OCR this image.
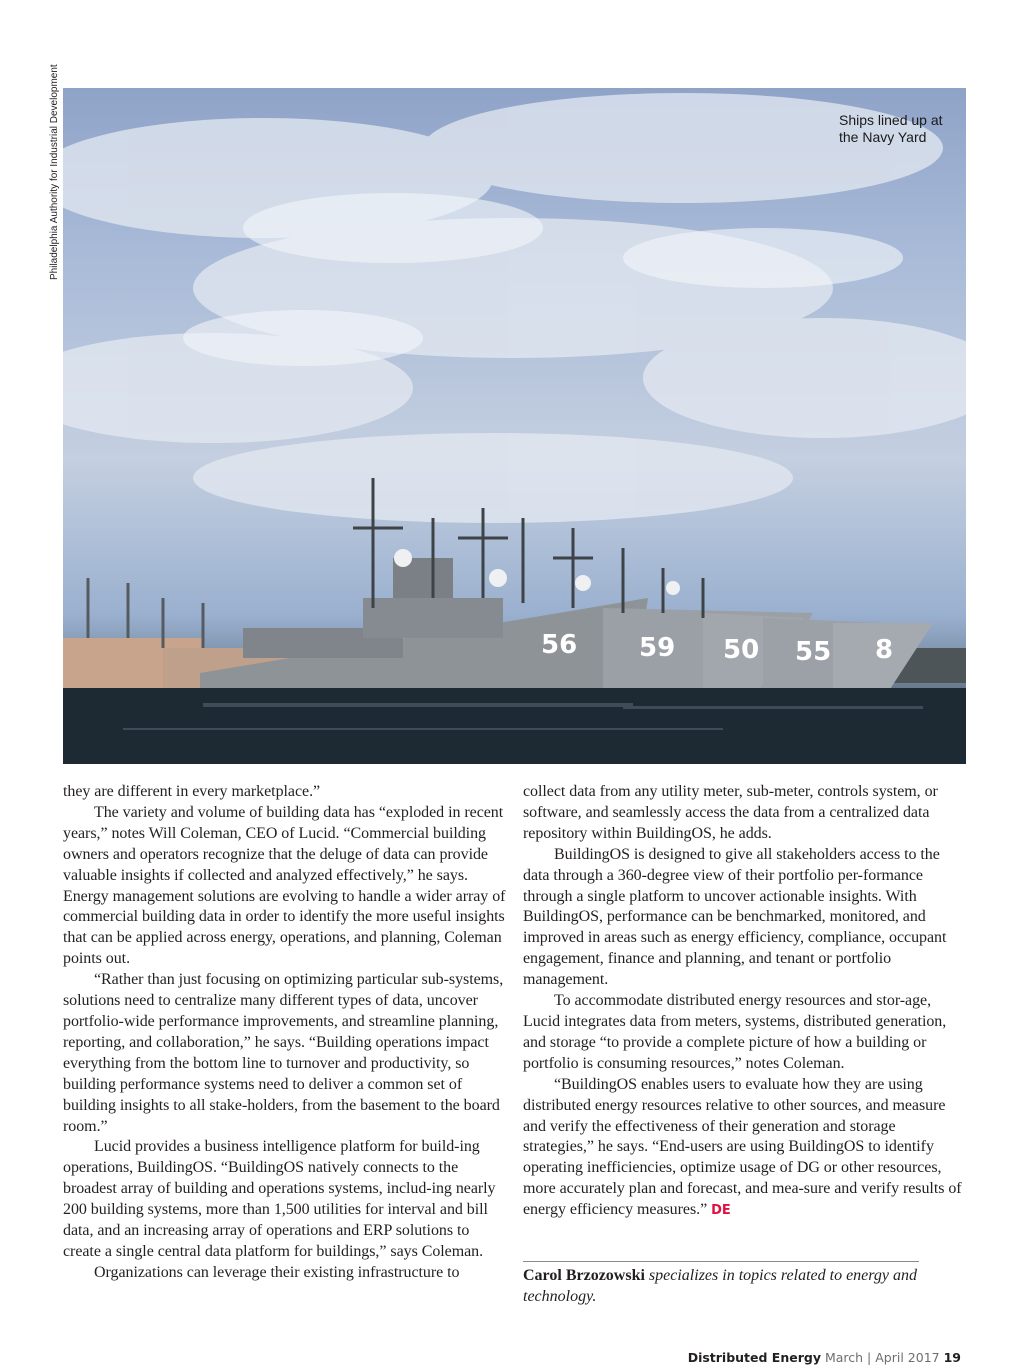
Philadelphia Authority for Industrial Development
56 59 50 55 8
Ships lined up at the Navy Yard

they are different in every marketplace.”

The variety and volume of building data has “exploded in recent years,” notes Will Coleman, CEO of Lucid. “Commercial building owners and operators recognize that the deluge of data can provide valuable insights if collected and analyzed effectively,” he says. Energy management solutions are evolving to handle a wider array of commercial building data in order to identify the more useful insights that can be applied across energy, operations, and planning, Coleman points out.

“Rather than just focusing on optimizing particular sub-systems, solutions need to centralize many different types of data, uncover portfolio-wide performance improvements, and streamline planning, reporting, and collaboration,” he says. “Building operations impact everything from the bottom line to turnover and productivity, so building performance systems need to deliver a common set of building insights to all stake-holders, from the basement to the board room.”

Lucid provides a business intelligence platform for build-ing operations, BuildingOS. “BuildingOS natively connects to the broadest array of building and operations systems, includ-ing nearly 200 building systems, more than 1,500 utilities for interval and bill data, and an increasing array of operations and ERP solutions to create a single central data platform for buildings,” says Coleman.

Organizations can leverage their existing infrastructure to

collect data from any utility meter, sub-meter, controls system, or software, and seamlessly access the data from a centralized data repository within BuildingOS, he adds.

BuildingOS is designed to give all stakeholders access to the data through a 360-degree view of their portfolio per-formance through a single platform to uncover actionable insights. With BuildingOS, performance can be benchmarked, monitored, and improved in areas such as energy efficiency, compliance, occupant engagement, finance and planning, and tenant or portfolio management.

To accommodate distributed energy resources and stor-age, Lucid integrates data from meters, systems, distributed generation, and storage “to provide a complete picture of how a building or portfolio is consuming resources,” notes Coleman.

“BuildingOS enables users to evaluate how they are using distributed energy resources relative to other sources, and measure and verify the effectiveness of their generation and storage strategies,” he says. “End-users are using BuildingOS to identify operating inefficiencies, optimize usage of DG or other resources, more accurately plan and forecast, and mea-sure and verify results of energy efficiency measures.” DE

Carol Brzozowski specializes in topics related to energy and technology.
Distributed Energy March | April 2017 19
